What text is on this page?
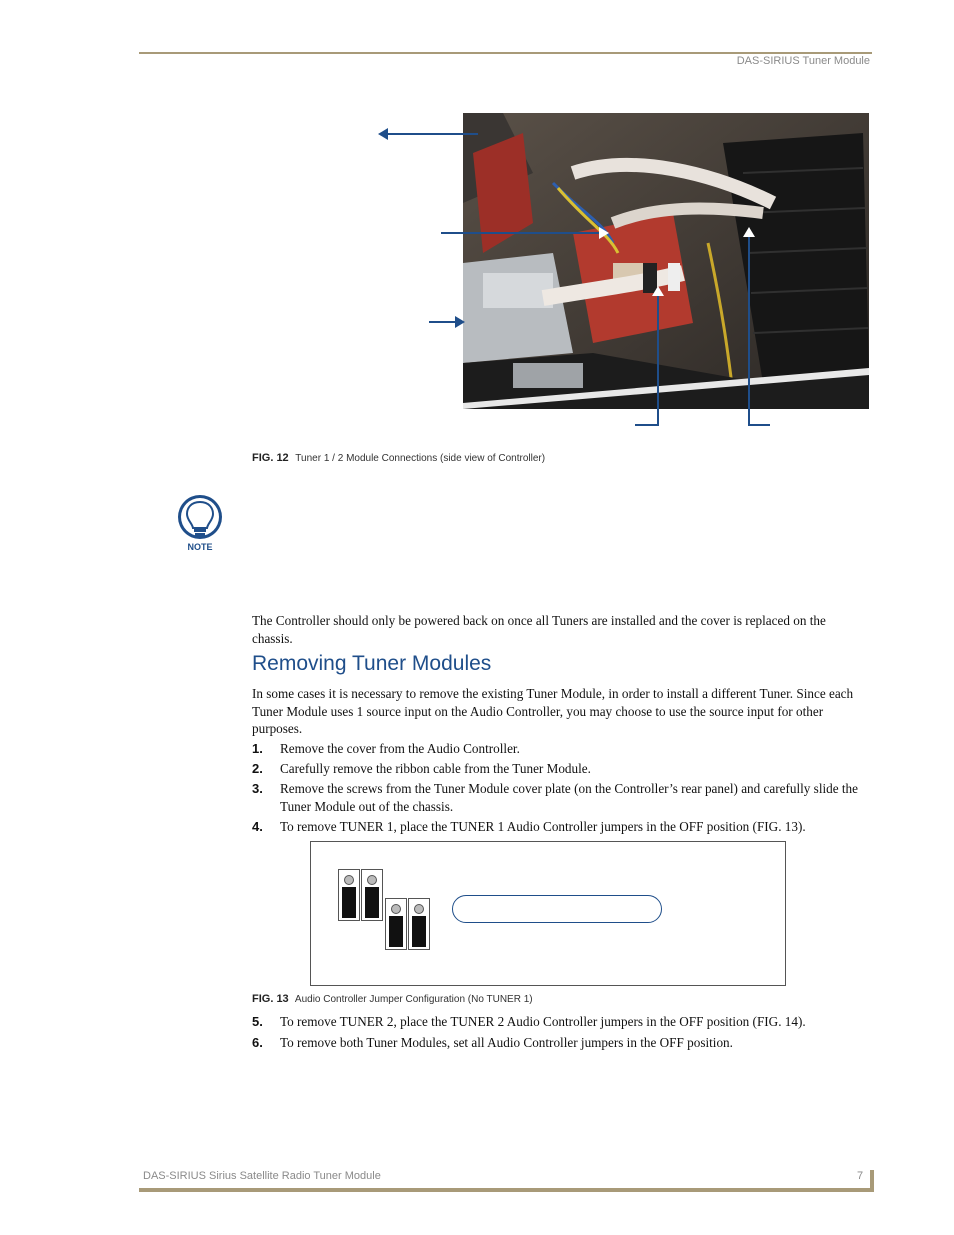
DAS-SIRIUS Tuner Module
FIG. 12 Tuner 1 / 2 Module Connections (side view of Controller)
NOTE

The Controller should only be powered back on once all Tuners are installed and the cover is replaced on the chassis.

Removing Tuner Modules

In some cases it is necessary to remove the existing Tuner Module, in order to install a different Tuner. Since each Tuner Module uses 1 source input on the Audio Controller, you may choose to use the source input for other purposes.

1. Remove the cover from the Audio Controller.
2. Carefully remove the ribbon cable from the Tuner Module.
3. Remove the screws from the Tuner Module cover plate (on the Controller’s rear panel) and carefully slide the Tuner Module out of the chassis.
4. To remove TUNER 1, place the TUNER 1 Audio Controller jumpers in the OFF position (FIG. 13).
FIG. 13 Audio Controller Jumper Configuration (No TUNER 1)
5. To remove TUNER 2, place the TUNER 2 Audio Controller jumpers in the OFF position (FIG. 14).
6. To remove both Tuner Modules, set all Audio Controller jumpers in the OFF position.
DAS-SIRIUS Sirius Satellite Radio Tuner Module	7
